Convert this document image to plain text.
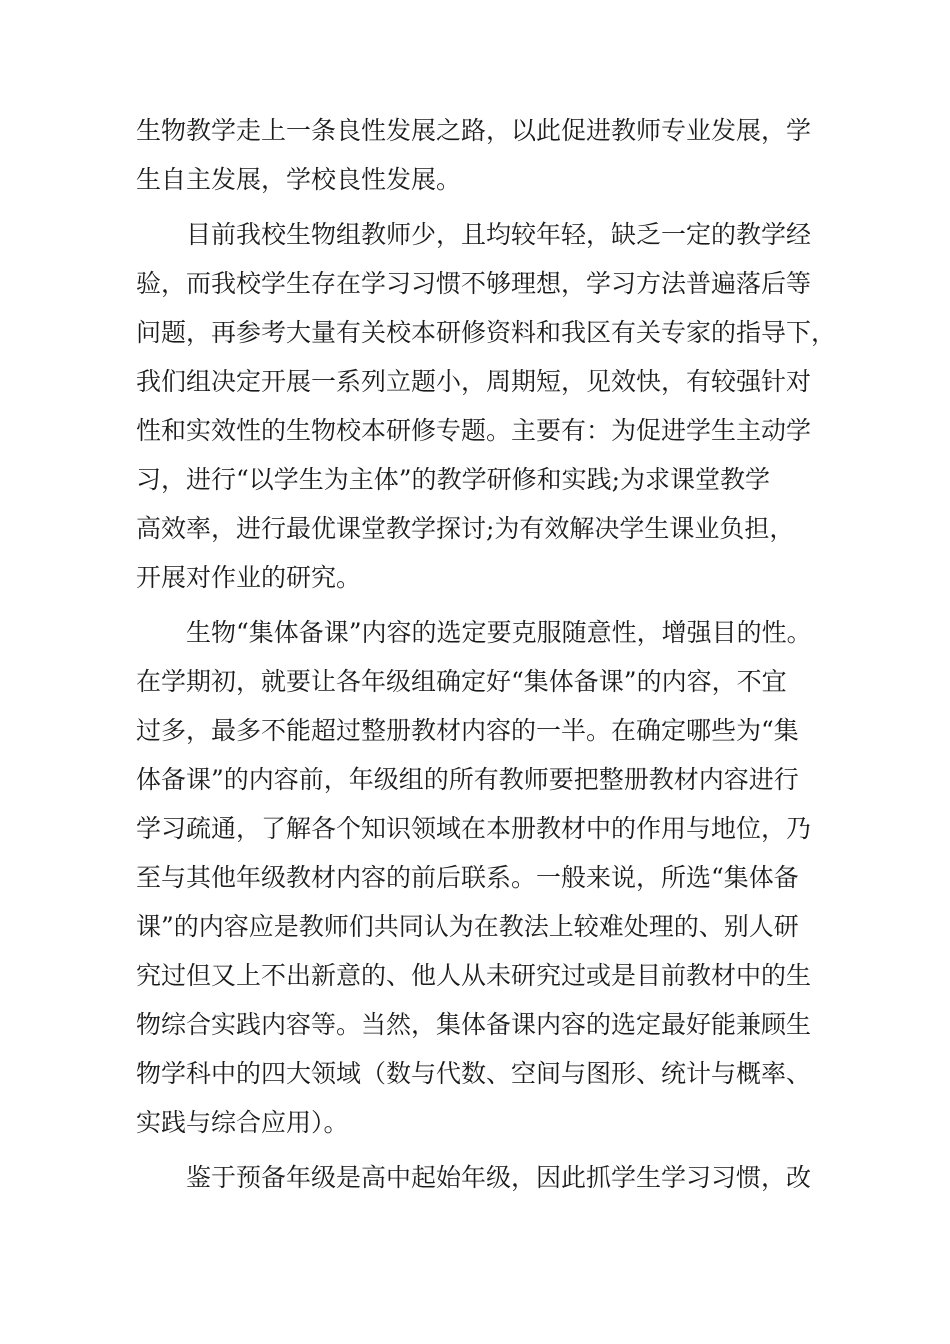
生物教学走上一条良性发展之路，以此促进教师专业发展，学
生自主发展，学校良性发展。
目前我校生物组教师少，且均较年轻，缺乏一定的教学经
验，而我校学生存在学习习惯不够理想，学习方法普遍落后等
问题，再参考大量有关校本研修资料和我区有关专家的指导下，
我们组决定开展一系列立题小，周期短，见效快，有较强针对
性和实效性的生物校本研修专题。主要有：为促进学生主动学
习，进行“以学生为主体”的教学研修和实践;为求课堂教学
高效率，进行最优课堂教学探讨;为有效解决学生课业负担，
开展对作业的研究。
生物“集体备课”内容的选定要克服随意性，增强目的性。
在学期初，就要让各年级组确定好“集体备课”的内容，不宜
过多，最多不能超过整册教材内容的一半。在确定哪些为“集
体备课”的内容前，年级组的所有教师要把整册教材内容进行
学习疏通，了解各个知识领域在本册教材中的作用与地位，乃
至与其他年级教材内容的前后联系。一般来说，所选“集体备
课”的内容应是教师们共同认为在教法上较难处理的、别人研
究过但又上不出新意的、他人从未研究过或是目前教材中的生
物综合实践内容等。当然，集体备课内容的选定最好能兼顾生
物学科中的四大领域（数与代数、空间与图形、统计与概率、
实践与综合应用）。
鉴于预备年级是高中起始年级，因此抓学生学习习惯，改
